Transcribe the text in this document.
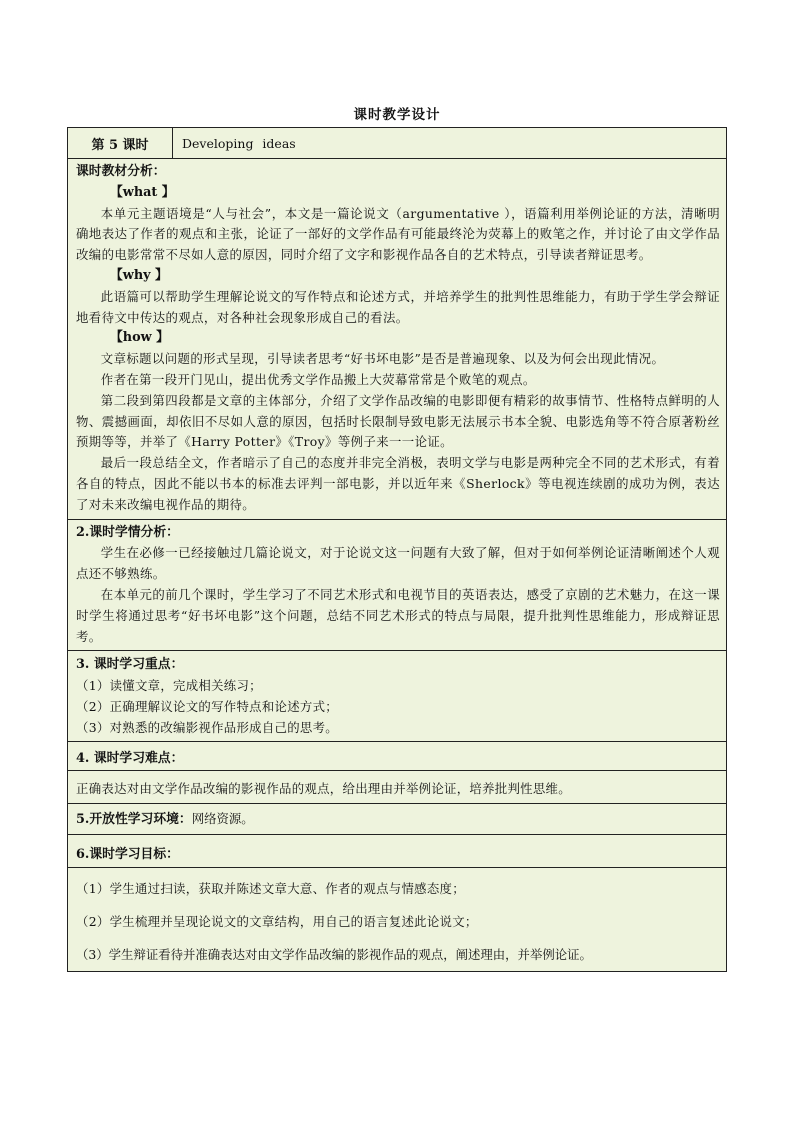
课时教学设计
第 5 课时	Developing ideas
课时教材分析：
【what 】
本单元主题语境是“人与社会”，本文是一篇论说文（argumentative ），语篇利用举例论证的方法，清晰明确地表达了作者的观点和主张，论证了一部好的文学作品有可能最终沦为荧幕上的败笔之作，并讨论了由文学作品改编的电影常常不尽如人意的原因，同时介绍了文字和影视作品各自的艺术特点，引导读者辩证思考。
【why 】
此语篇可以帮助学生理解论说文的写作特点和论述方式，并培养学生的批判性思维能力，有助于学生学会辩证地看待文中传达的观点，对各种社会现象形成自己的看法。
【how 】
文章标题以问题的形式呈现，引导读者思考“好书坏电影”是否是普遍现象、以及为何会出现此情况。
作者在第一段开门见山，提出优秀文学作品搬上大荧幕常常是个败笔的观点。
第二段到第四段都是文章的主体部分，介绍了文学作品改编的电影即便有精彩的故事情节、性格特点鲜明的人物、震撼画面，却依旧不尽如人意的原因，包括时长限制导致电影无法展示书本全貌、电影选角等不符合原著粉丝预期等等，并举了《Harry Potter》《Troy》等例子来一一论证。
最后一段总结全文，作者暗示了自己的态度并非完全消极，表明文学与电影是两种完全不同的艺术形式，有着各自的特点，因此不能以书本的标准去评判一部电影，并以近年来《Sherlock》等电视连续剧的成功为例，表达了对未来改编电视作品的期待。
2.课时学情分析：
学生在必修一已经接触过几篇论说文，对于论说文这一问题有大致了解，但对于如何举例论证清晰阐述个人观点还不够熟练。
在本单元的前几个课时，学生学习了不同艺术形式和电视节目的英语表达，感受了京剧的艺术魅力，在这一课时学生将通过思考“好书坏电影”这个问题，总结不同艺术形式的特点与局限，提升批判性思维能力，形成辩证思考。
3. 课时学习重点：
（1）读懂文章，完成相关练习；
（2）正确理解议论文的写作特点和论述方式；
（3）对熟悉的改编影视作品形成自己的思考。
4. 课时学习难点：
正确表达对由文学作品改编的影视作品的观点，给出理由并举例论证，培养批判性思维。
5.开放性学习环境：网络资源。
6.课时学习目标：
（1）学生通过扫读，获取并陈述文章大意、作者的观点与情感态度；
（2）学生梳理并呈现论说文的文章结构，用自己的语言复述此论说文；
（3）学生辩证看待并准确表达对由文学作品改编的影视作品的观点，阐述理由，并举例论证。
